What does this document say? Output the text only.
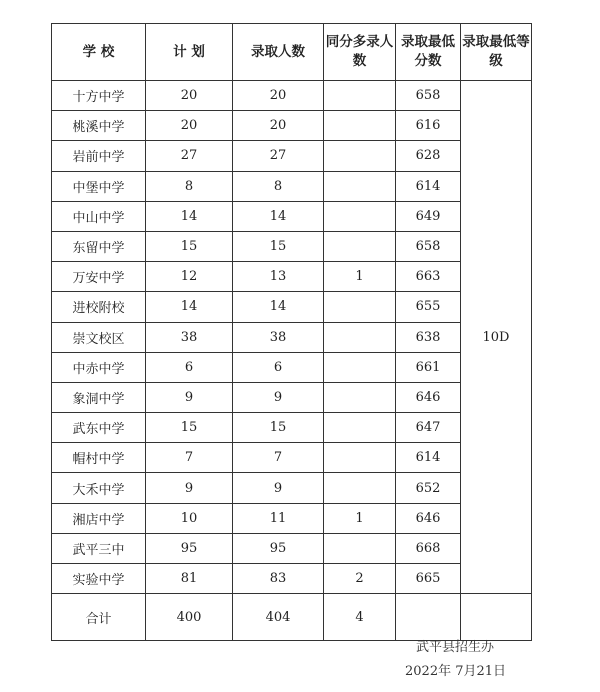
学 校	计 划	录取人数	同分多录人数	录取最低分数	录取最低等级
十方中学	20	20		658	10D
桃溪中学	20	20		616	
岩前中学	27	27		628	
中堡中学	8	8		614	
中山中学	14	14		649	
东留中学	15	15		658	
万安中学	12	13	1	663	
进校附校	14	14		655	
崇文校区	38	38		638	
中赤中学	6	6		661	
象洞中学	9	9		646	
武东中学	15	15		647	
帽村中学	7	7		614	
大禾中学	9	9		652	
湘店中学	10	11	1	646	
武平三中	95	95		668	
实验中学	81	83	2	665	
合计	400	404	4		
武平县招生办
2022年 7月21日
